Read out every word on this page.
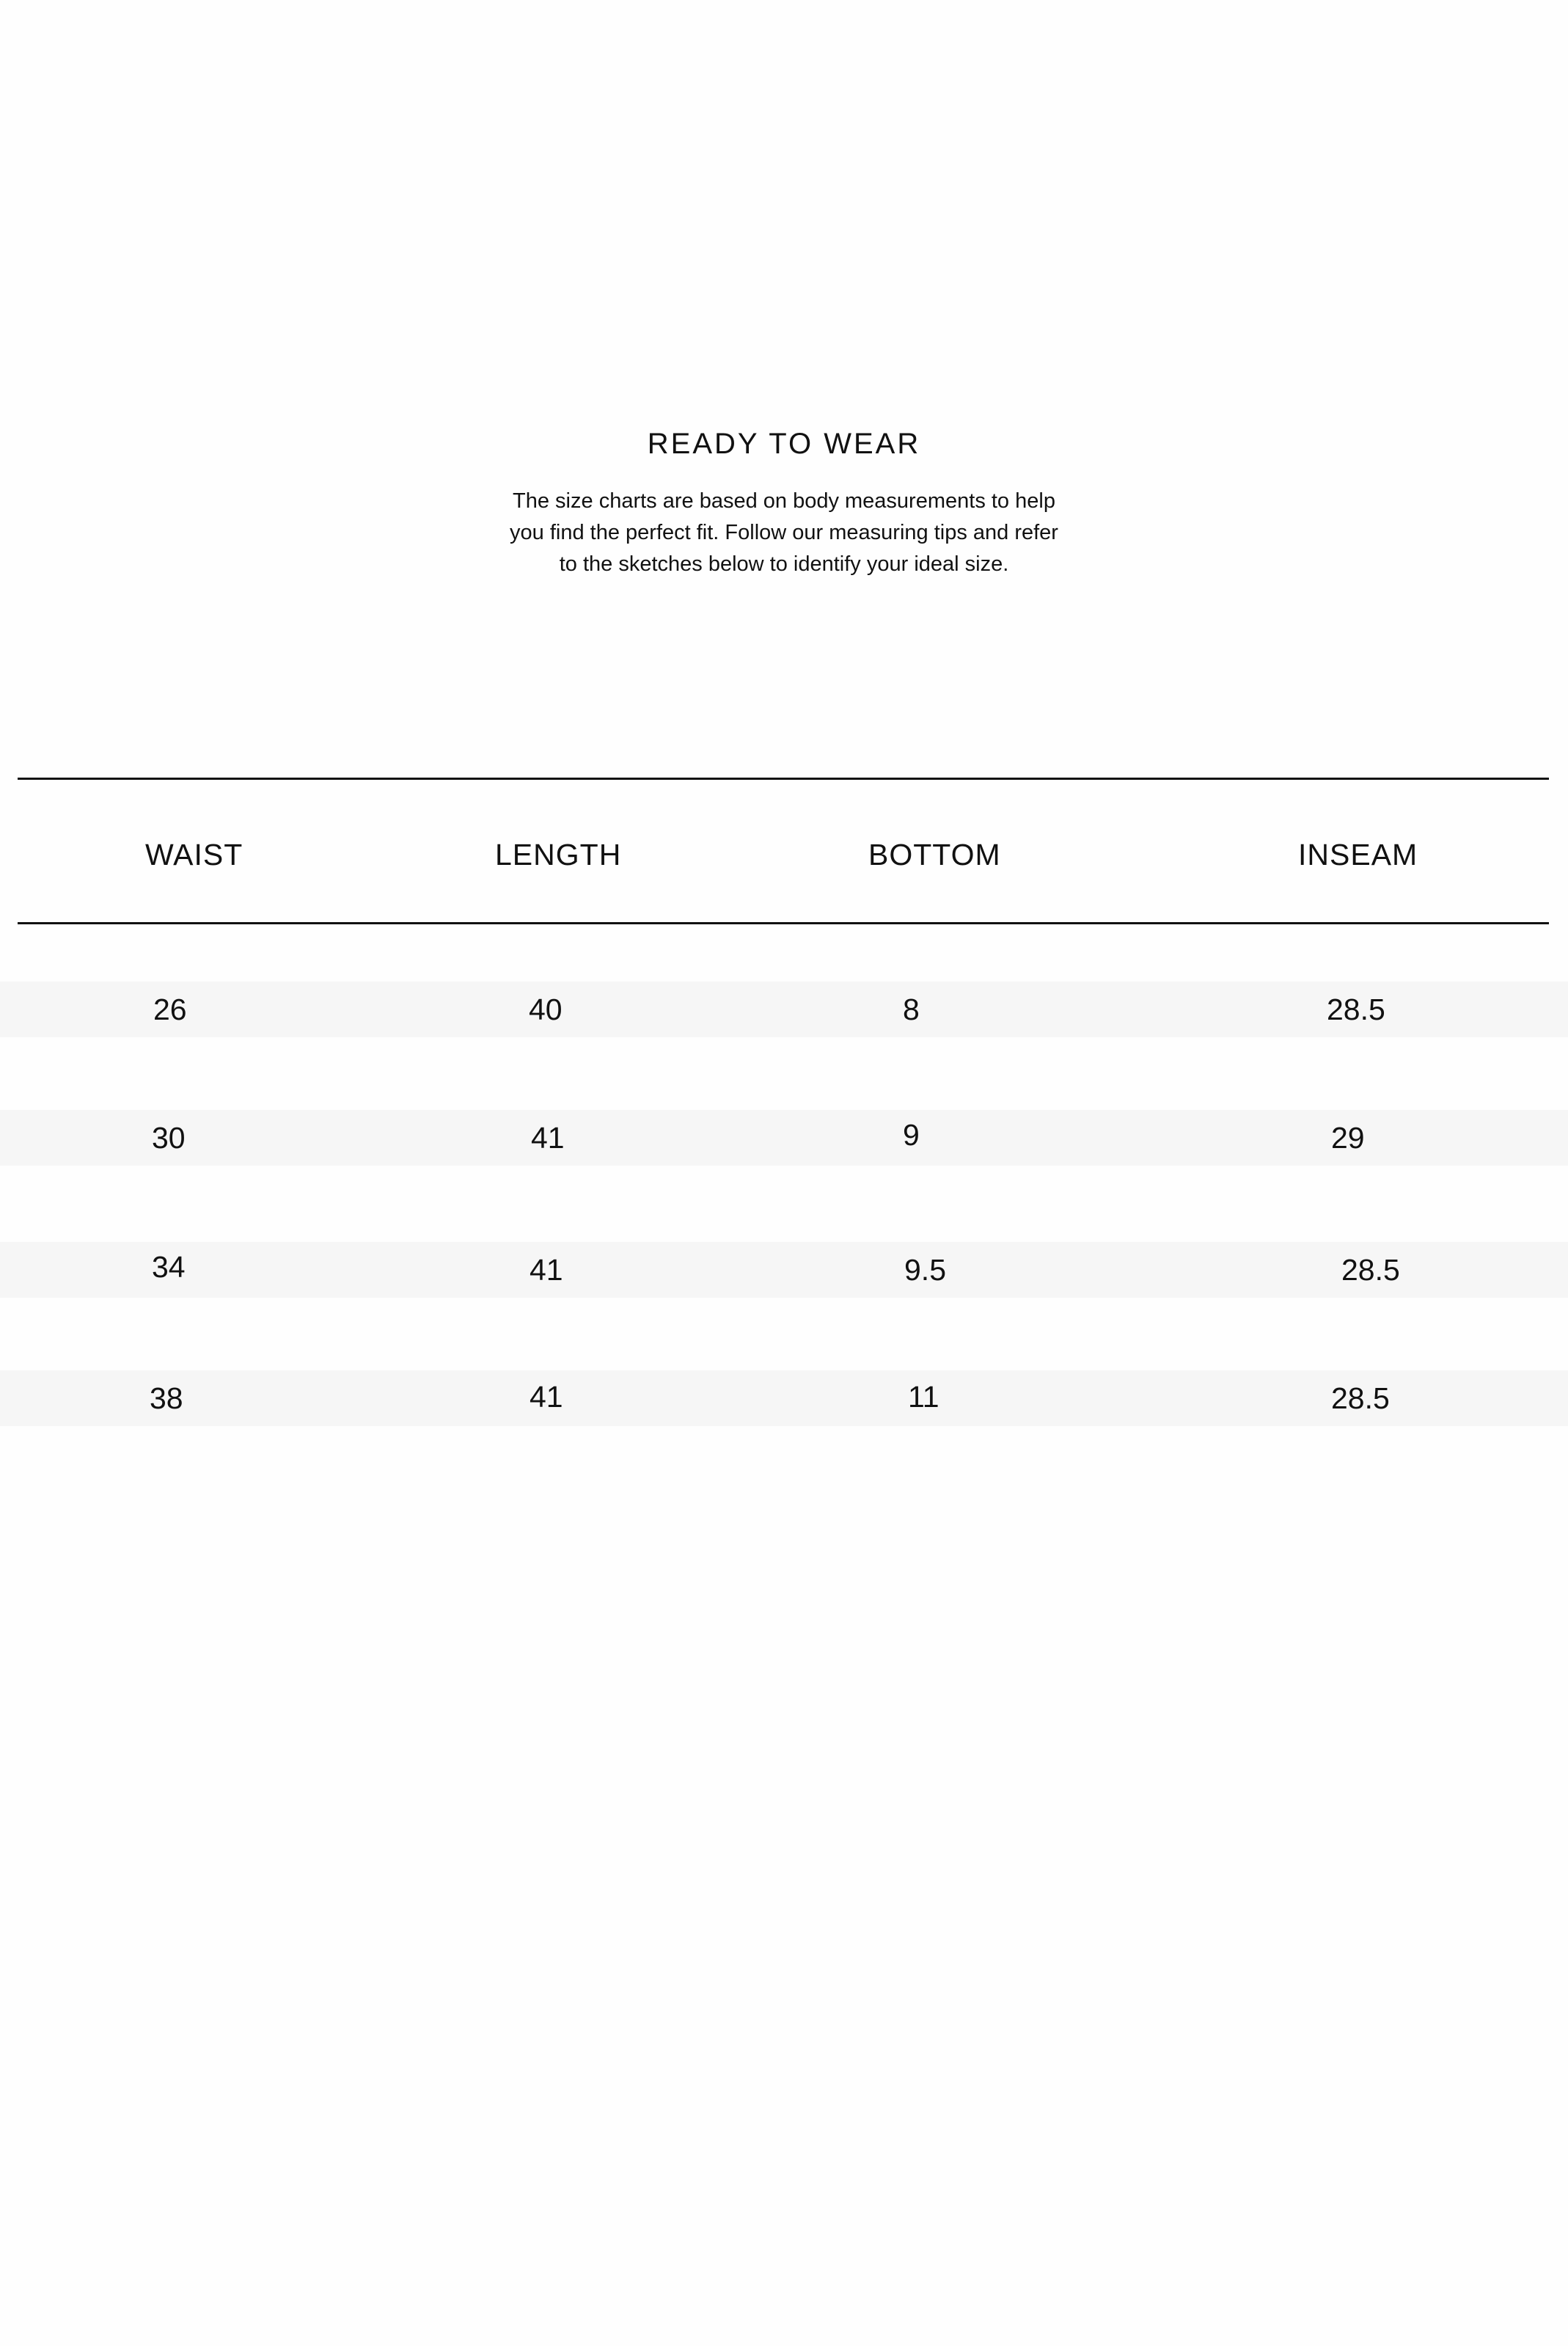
READY TO WEAR
The size charts are based on body measurements to help
you find the perfect fit. Follow our measuring tips and refer
to the sketches below to identify your ideal size.
WAIST	LENGTH	BOTTOM	INSEAM
26	40	8	28.5
30	41	9	29
34	41	9.5	28.5
38	41	11	28.5
